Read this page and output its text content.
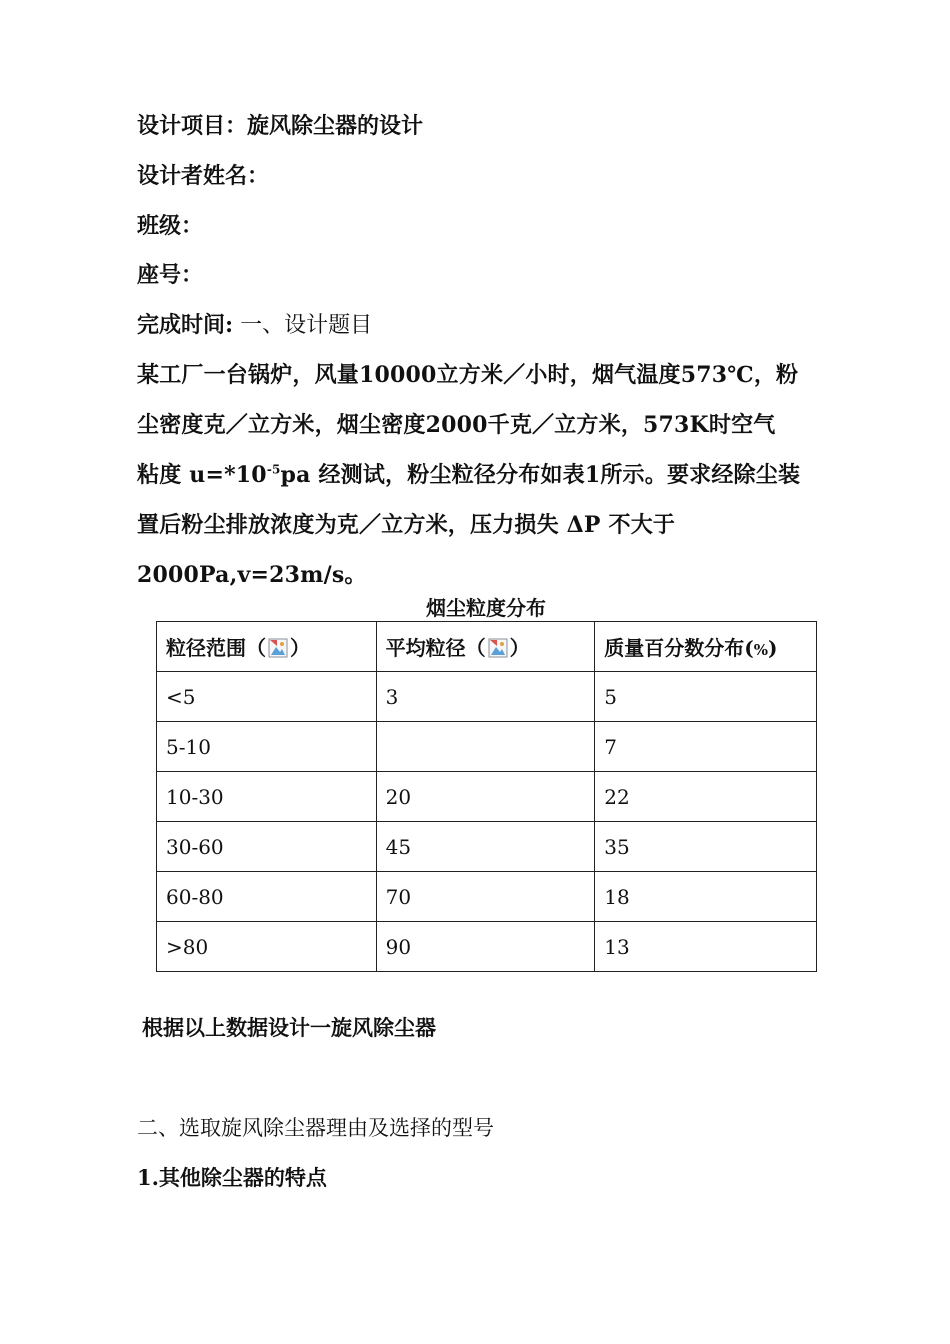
设计项目：旋风除尘器的设计
设计者姓名：
班级：
座号：
完成时间: 一、设计题目
某工厂一台锅炉，风量10000立方米／小时，烟气温度573℃，粉
尘密度克／立方米，烟尘密度2000千克／立方米，573K时空气
粘度 $u=*10^{-5}pa$ 经测试，粉尘粒径分布如表1所示。要求经除尘装
置后粉尘排放浓度为克／立方米，压力损失 ΔP 不大于
2000Pa,v=23m/s。
烟尘粒度分布
粒径范围（ ）	平均粒径（ ）	质量百分数分布(%)
<5	3	5
5-10		7
10-30	20	22
30-60	45	35
60-80	70	18
>80	90	13
根据以上数据设计一旋风除尘器
二、选取旋风除尘器理由及选择的型号
1.其他除尘器的特点
